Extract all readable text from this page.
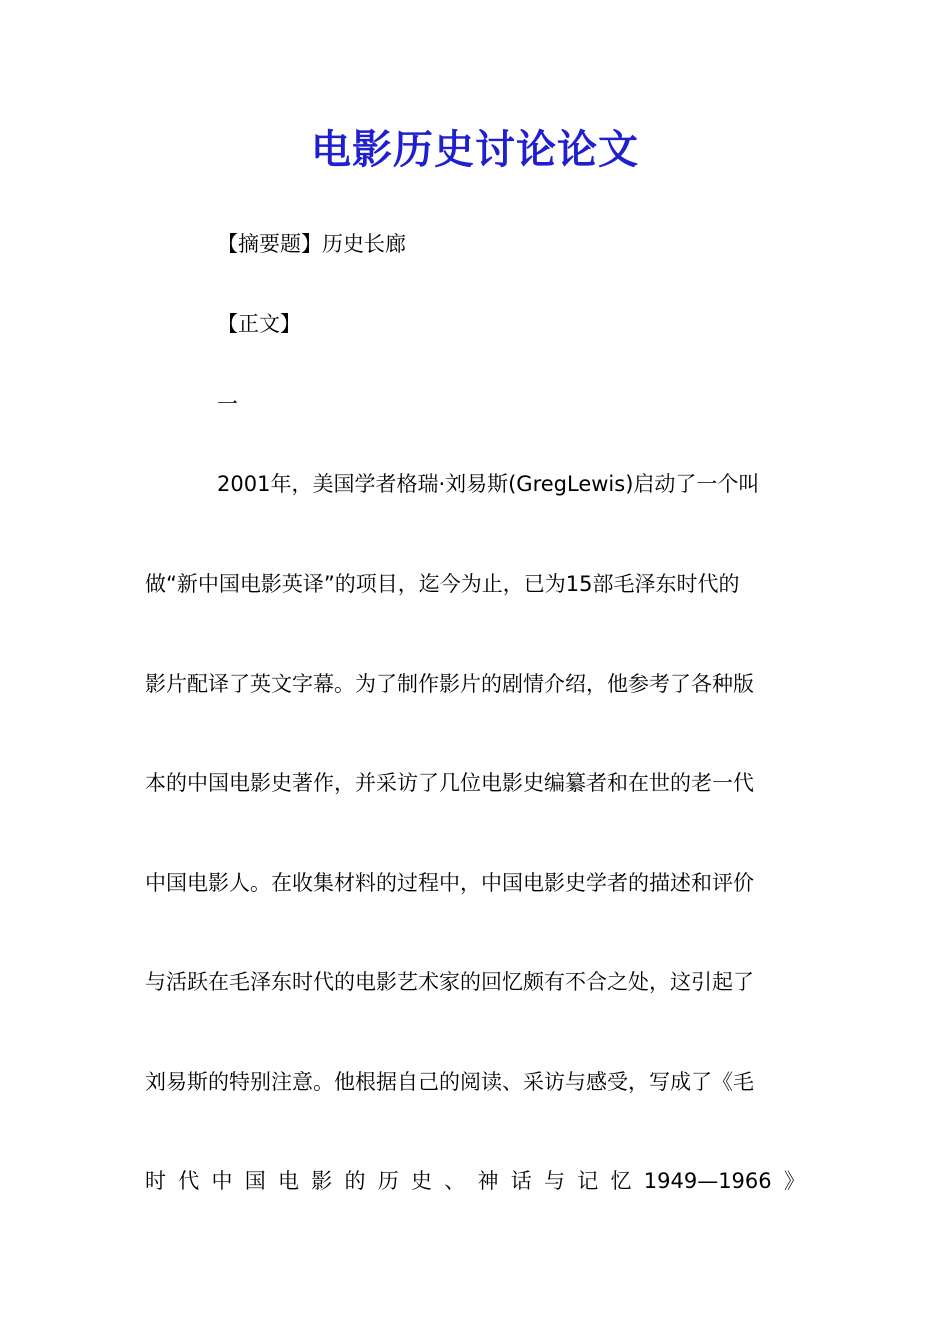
电影历史讨论论文
【摘要题】历史长廊
【正文】
一
2001年，美国学者格瑞·刘易斯(GregLewis)启动了一个叫
做“新中国电影英译”的项目，迄今为止，已为15部毛泽东时代的
影片配译了英文字幕。为了制作影片的剧情介绍，他参考了各种版
本的中国电影史著作，并采访了几位电影史编纂者和在世的老一代
中国电影人。在收集材料的过程中，中国电影史学者的描述和评价
与活跃在毛泽东时代的电影艺术家的回忆颇有不合之处，这引起了
刘易斯的特别注意。他根据自己的阅读、采访与感受，写成了《毛
时 代 中 国 电 影 的 历 史 、 神 话 与 记 忆 1949—1966 》
